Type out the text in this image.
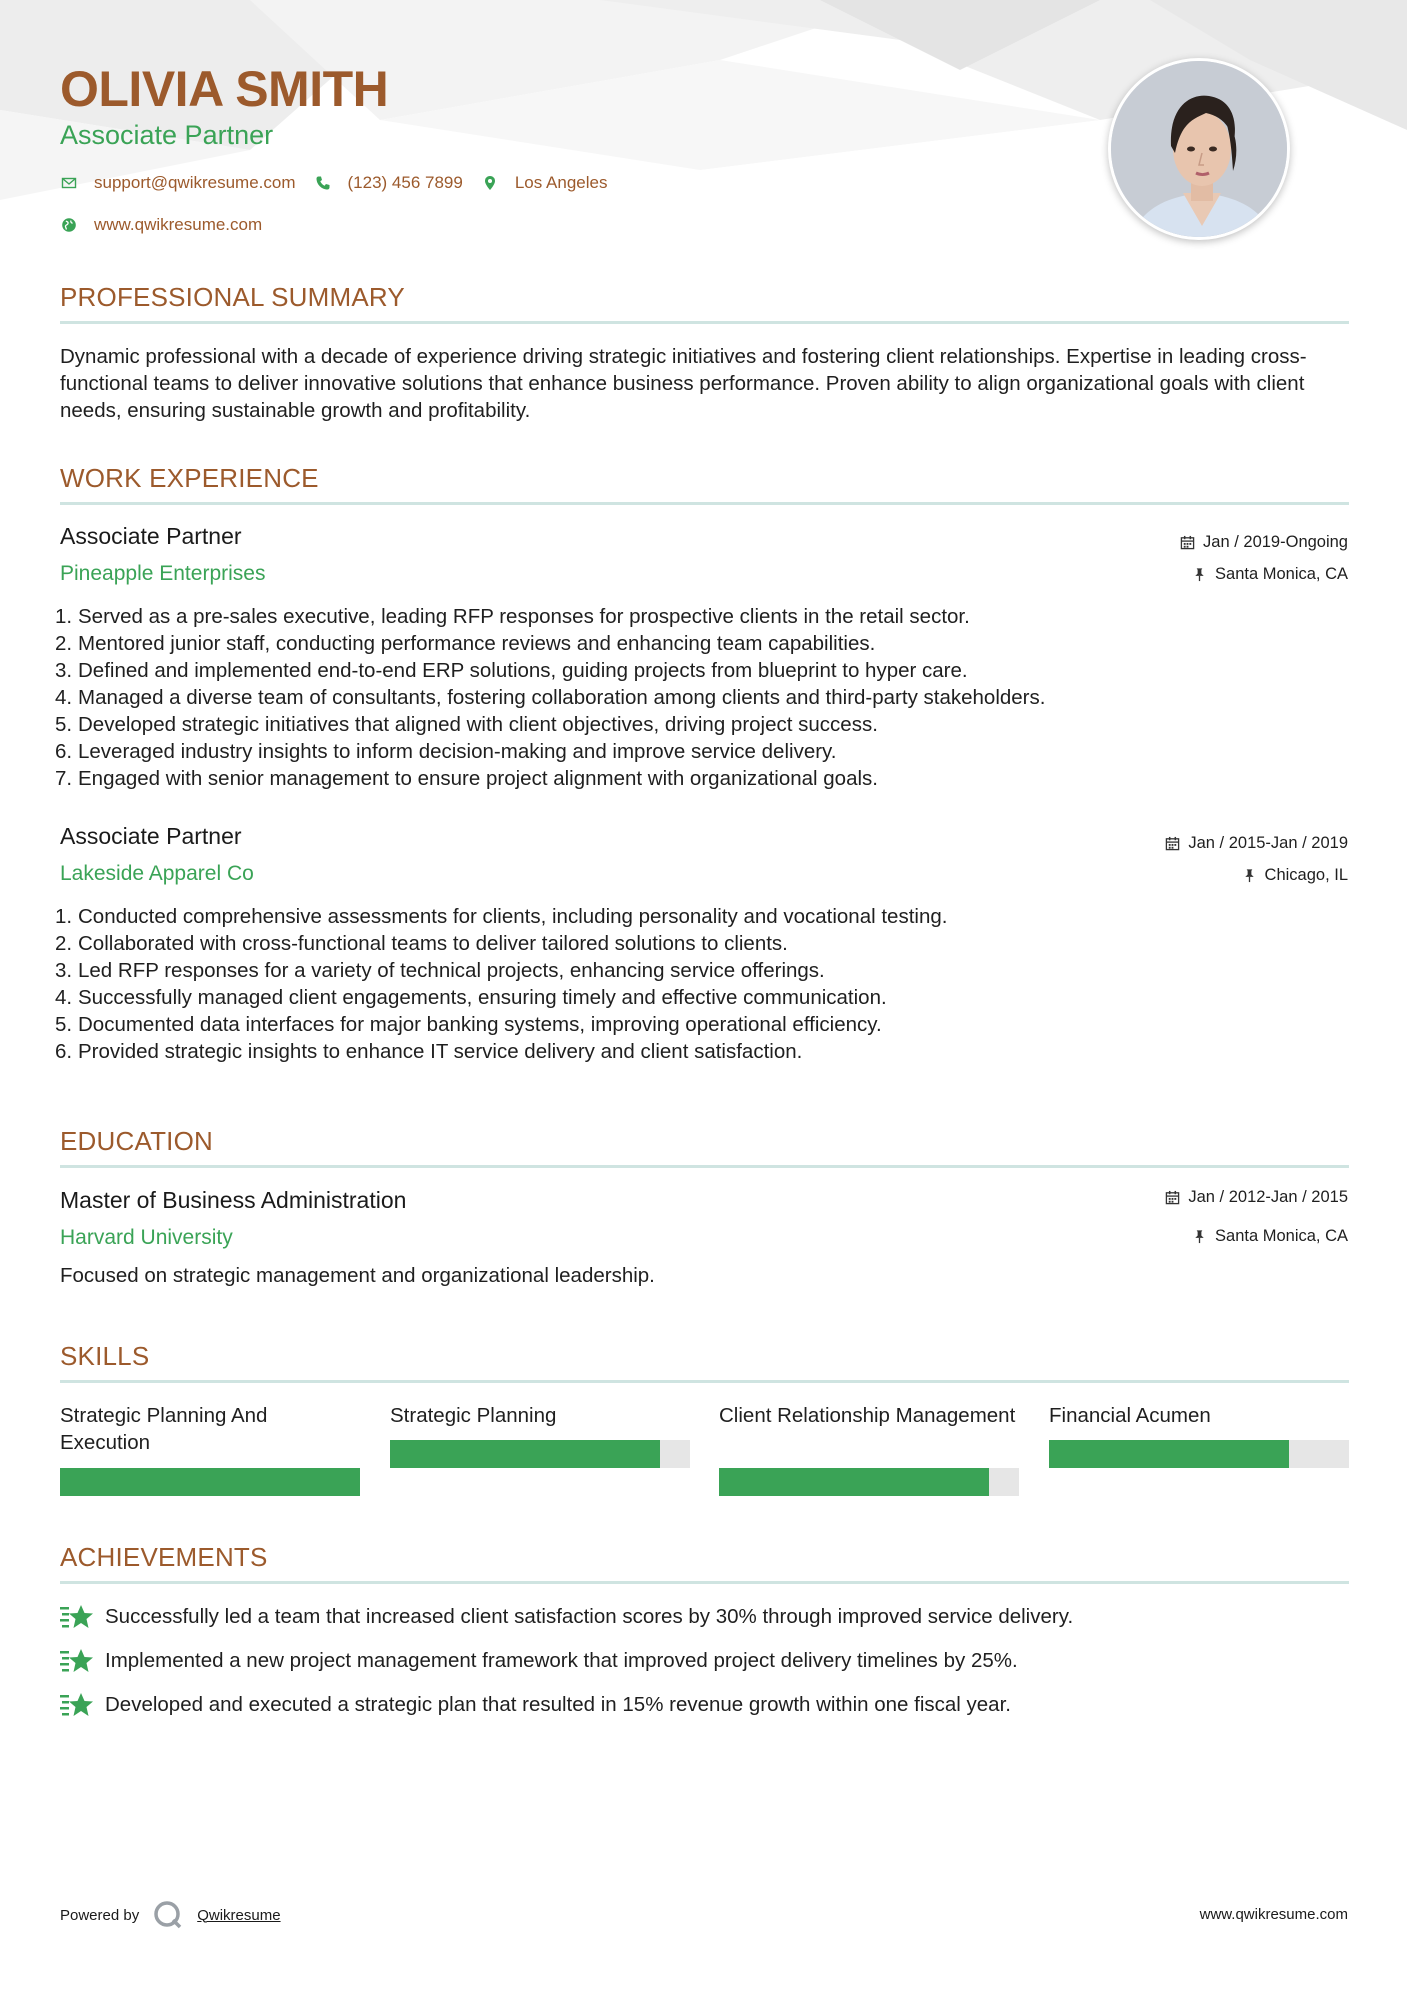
OLIVIA SMITH
Associate Partner
support@qwikresume.com	(123) 456 7899	Los Angeles
www.qwikresume.com
PROFESSIONAL SUMMARY
Dynamic professional with a decade of experience driving strategic initiatives and fostering client relationships. Expertise in leading cross-functional teams to deliver innovative solutions that enhance business performance. Proven ability to align organizational goals with client needs, ensuring sustainable growth and profitability.
WORK EXPERIENCE
Associate Partner
Pineapple Enterprises
Jan / 2019-Ongoing
Santa Monica, CA
1. Served as a pre-sales executive, leading RFP responses for prospective clients in the retail sector.
2. Mentored junior staff, conducting performance reviews and enhancing team capabilities.
3. Defined and implemented end-to-end ERP solutions, guiding projects from blueprint to hyper care.
4. Managed a diverse team of consultants, fostering collaboration among clients and third-party stakeholders.
5. Developed strategic initiatives that aligned with client objectives, driving project success.
6. Leveraged industry insights to inform decision-making and improve service delivery.
7. Engaged with senior management to ensure project alignment with organizational goals.
Associate Partner
Lakeside Apparel Co
Jan / 2015-Jan / 2019
Chicago, IL
1. Conducted comprehensive assessments for clients, including personality and vocational testing.
2. Collaborated with cross-functional teams to deliver tailored solutions to clients.
3. Led RFP responses for a variety of technical projects, enhancing service offerings.
4. Successfully managed client engagements, ensuring timely and effective communication.
5. Documented data interfaces for major banking systems, improving operational efficiency.
6. Provided strategic insights to enhance IT service delivery and client satisfaction.
EDUCATION
Master of Business Administration
Harvard University
Jan / 2012-Jan / 2015
Santa Monica, CA
Focused on strategic management and organizational leadership.
SKILLS
Strategic Planning And Execution
Strategic Planning	Client Relationship Management Financial Acumen
ACHIEVEMENTS
Successfully led a team that increased client satisfaction scores by 30% through improved service delivery.
Implemented a new project management framework that improved project delivery timelines by 25%.
Developed and executed a strategic plan that resulted in 15% revenue growth within one fiscal year.
Powered by	Qwikresume	www.qwikresume.com
